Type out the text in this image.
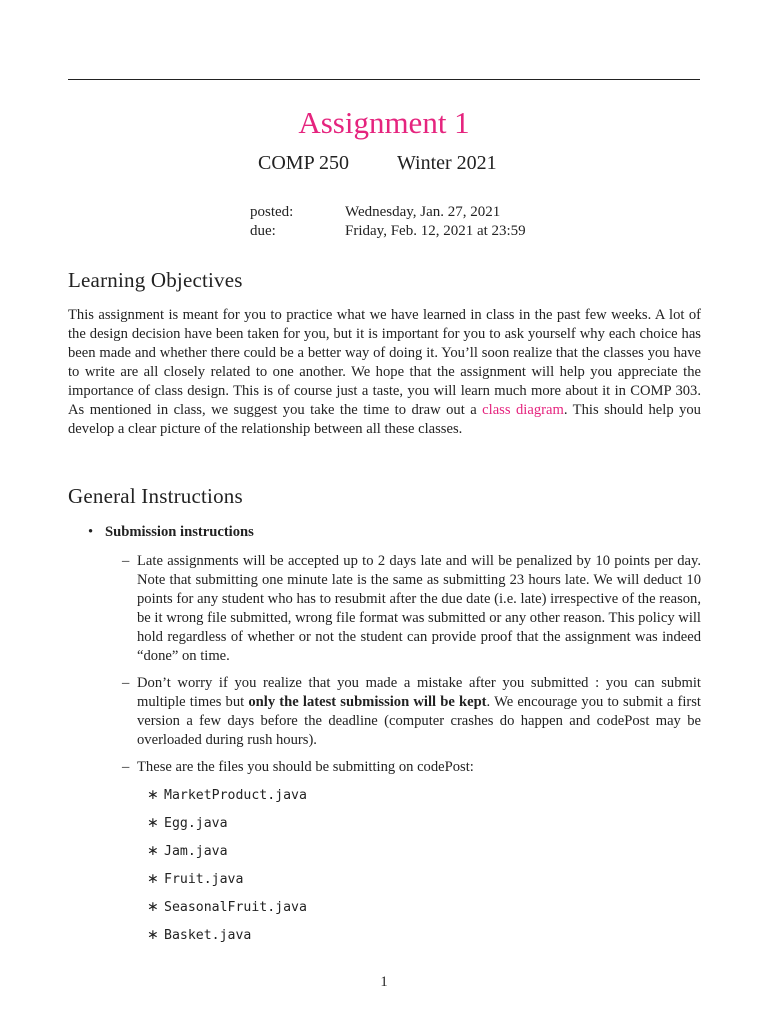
Assignment 1
COMP 250 Winter 2021
posted:	Wednesday, Jan. 27, 2021
due:	Friday, Feb. 12, 2021 at 23:59
Learning Objectives

This assignment is meant for you to practice what we have learned in class in the past few weeks. A lot of the design decision have been taken for you, but it is important for you to ask yourself why each choice has been made and whether there could be a better way of doing it. You’ll soon realize that the classes you have to write are all closely related to one another. We hope that the assignment will help you appreciate the importance of class design. This is of course just a taste, you will learn much more about it in COMP 303. As mentioned in class, we suggest you take the time to draw out a class diagram. This should help you develop a clear picture of the relationship between all these classes.

General Instructions
• Submission instructions
– Late assignments will be accepted up to 2 days late and will be penalized by 10 points per day. Note that submitting one minute late is the same as submitting 23 hours late. We will deduct 10 points for any student who has to resubmit after the due date (i.e. late) irrespective of the reason, be it wrong file submitted, wrong file format was submitted or any other reason. This policy will hold regardless of whether or not the student can provide proof that the assignment was indeed “done” on time.
– Don’t worry if you realize that you made a mistake after you submitted : you can submit multiple times but only the latest submission will be kept. We encourage you to submit a first version a few days before the deadline (computer crashes do happen and codePost may be overloaded during rush hours).
– These are the files you should be submitting on codePost:
∗ MarketProduct.java
∗ Egg.java
∗ Jam.java
∗ Fruit.java
∗ SeasonalFruit.java
∗ Basket.java
1
